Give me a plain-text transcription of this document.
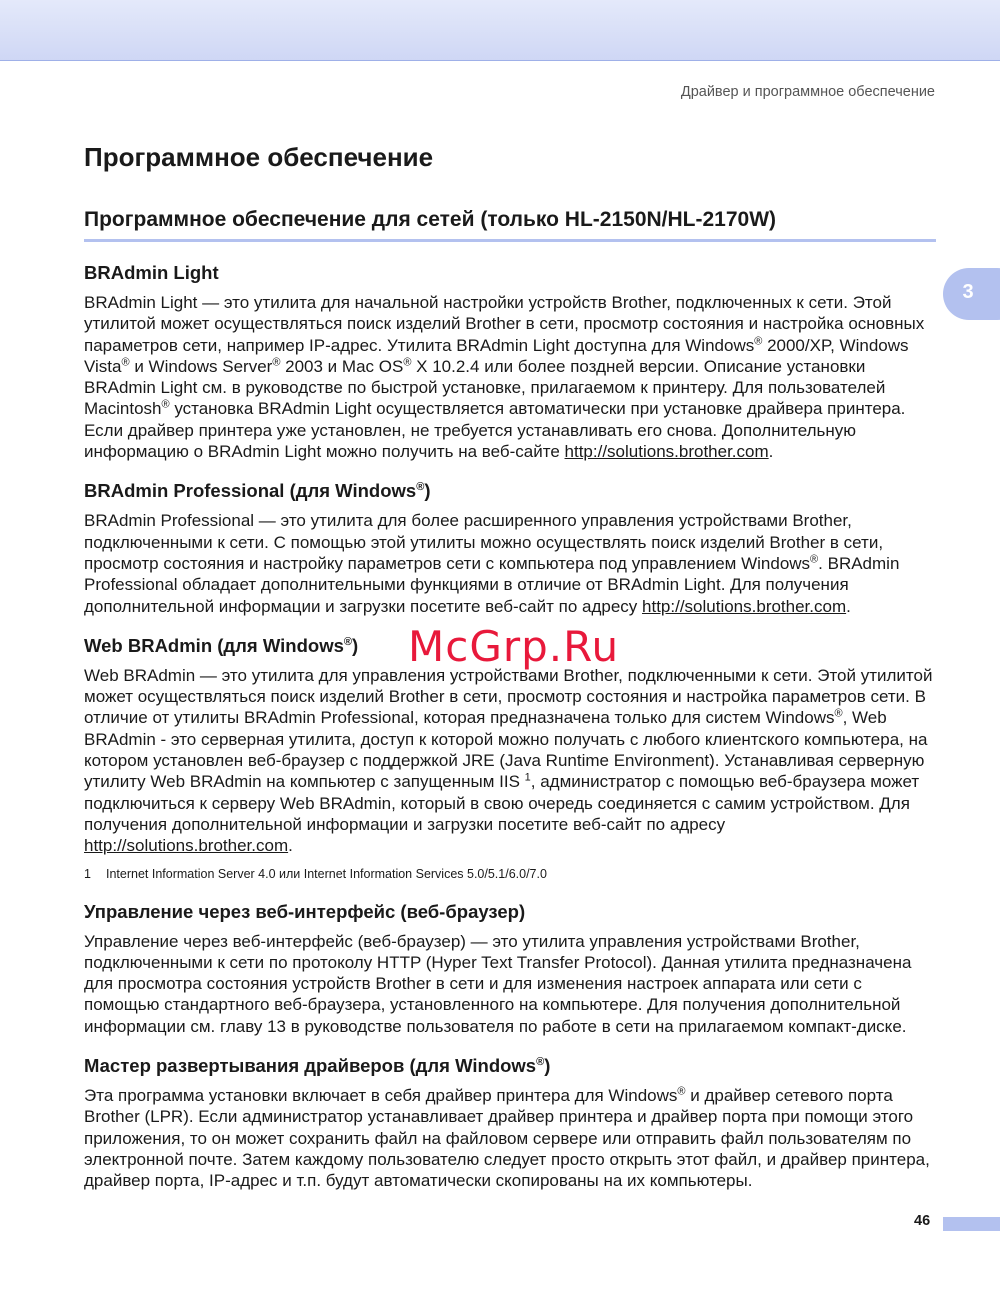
Драйвер и программное обеспечение
3
McGrp.Ru
Программное обеспечение
Программное обеспечение для сетей (только HL-2150N/HL-2170W)
BRAdmin Light

BRAdmin Light — это утилита для начальной настройки устройств Brother, подключенных к сети. Этой утилитой может осуществляться поиск изделий Brother в сети, просмотр состояния и настройка основных параметров сети, например IP-адрес. Утилита BRAdmin Light доступна для Windows® 2000/XP, Windows Vista® и Windows Server® 2003 и Mac OS® X 10.2.4 или более поздней версии. Описание установки BRAdmin Light см. в руководстве по быстрой установке, прилагаемом к принтеру. Для пользователей Macintosh® установка BRAdmin Light осуществляется автоматически при установке драйвера принтера. Если драйвер принтера уже установлен, не требуется устанавливать его снова. Дополнительную информацию о BRAdmin Light можно получить на веб-сайте http://solutions.brother.com.

BRAdmin Professional (для Windows®)

BRAdmin Professional — это утилита для более расширенного управления устройствами Brother, подключенными к сети. С помощью этой утилиты можно осуществлять поиск изделий Brother в сети, просмотр состояния и настройку параметров сети с компьютера под управлением Windows®. BRAdmin Professional обладает дополнительными функциями в отличие от BRAdmin Light. Для получения дополнительной информации и загрузки посетите веб-сайт по адресу http://solutions.brother.com.

Web BRAdmin (для Windows®)

Web BRAdmin — это утилита для управления устройствами Brother, подключенными к сети. Этой утилитой может осуществляться поиск изделий Brother в сети, просмотр состояния и настройка параметров сети. В отличие от утилиты BRAdmin Professional, которая предназначена только для систем Windows®, Web BRAdmin - это серверная утилита, доступ к которой можно получать с любого клиентского компьютера, на котором установлен веб-браузер с поддержкой JRE (Java Runtime Environment). Устанавливая серверную утилиту Web BRAdmin на компьютер с запущенным IIS $^1$, администратор с помощью веб-браузера может подключиться к серверу Web BRAdmin, который в свою очередь соединяется с самим устройством. Для получения дополнительной информации и загрузки посетите веб-сайт по адресу http://solutions.brother.com.

1 Internet Information Server 4.0 или Internet Information Services 5.0/5.1/6.0/7.0
Управление через веб-интерфейс (веб-браузер)

Управление через веб-интерфейс (веб-браузер) — это утилита управления устройствами Brother, подключенными к сети по протоколу HTTP (Hyper Text Transfer Protocol). Данная утилита предназначена для просмотра состояния устройств Brother в сети и для изменения настроек аппарата или сети с помощью стандартного веб-браузера, установленного на компьютере. Для получения дополнительной информации см. главу 13 в руководстве пользователя по работе в сети на прилагаемом компакт-диске.

Мастер развертывания драйверов (для Windows®)

Эта программа установки включает в себя драйвер принтера для Windows® и драйвер сетевого порта Brother (LPR). Если администратор устанавливает драйвер принтера и драйвер порта при помощи этого приложения, то он может сохранить файл на файловом сервере или отправить файл пользователям по электронной почте. Затем каждому пользователю следует просто открыть этот файл, и драйвер принтера, драйвер порта, IP-адрес и т.п. будут автоматически скопированы на их компьютеры.

46
